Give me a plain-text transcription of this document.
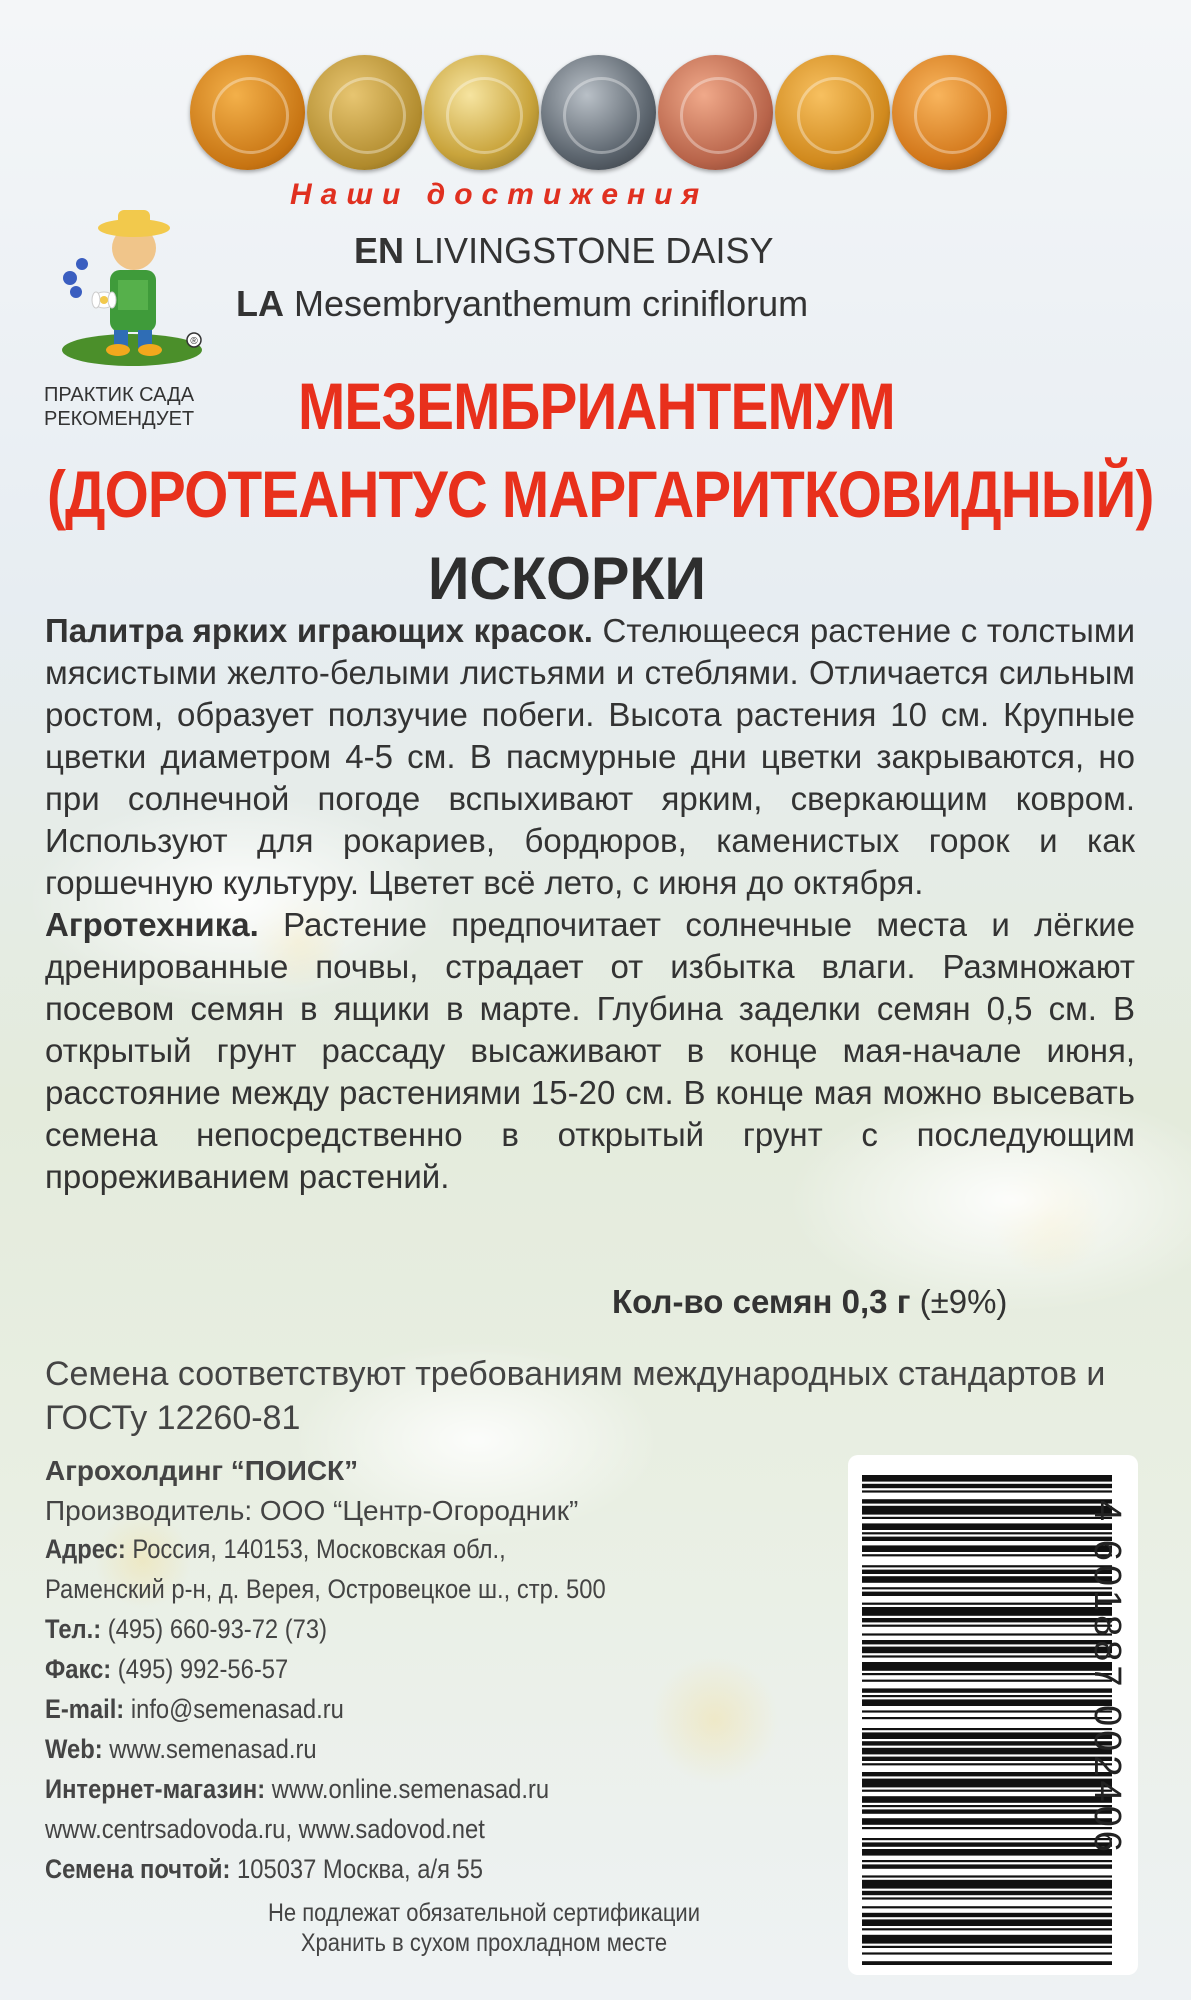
Наши достижения
®
ПРАКТИК САДА
РЕКОМЕНДУЕТ
EN LIVINGSTONE DAISY
LA Mesembryanthemum criniflorum
МЕЗЕМБРИАНТЕМУМ
(ДОРОТЕАНТУС МАРГАРИТКОВИДНЫЙ)
ИСКОРКИ

Палитра ярких играющих красок. Стелющееся растение с толстыми мясистыми желто-белыми листьями и стеблями. Отличается сильным ростом, образует ползучие побеги. Высота растения 10 см. Крупные цветки диаметром 4-5 см. В пасмурные дни цветки закрываются, но при солнечной погоде вспыхивают ярким, сверкающим ковром. Используют для рокариев, бордюров, каменистых горок и как горшечную культуру. Цветет всё лето, с июня до октября.

Агротехника. Растение предпочитает солнечные места и лёгкие дренированные почвы, страдает от избытка влаги. Размножают посевом семян в ящики в марте. Глубина заделки семян 0,5 см. В открытый грунт рассаду высаживают в конце мая-начале июня, расстояние между растениями 15-20 см. В конце мая можно высевать семена непосредственно в открытый грунт с последующим прореживанием растений.

Кол-во семян 0,3 г (±9%)
Семена соответствуют требованиям международных стандартов и ГОСТу 12260-81
Агрохолдинг “ПОИСК”
Производитель: ООО “Центр-Огородник”
Адрес: Россия, 140153, Московская обл.,
Раменский р-н, д. Верея, Островецкое ш., стр. 500
Тел.: (495) 660-93-72 (73)
Факс: (495) 992-56-57
E-mail: info@semenasad.ru
Web: www.semenasad.ru
Интернет-магазин: www.online.semenasad.ru
www.centrsadovoda.ru, www.sadovod.net
Семена почтой: 105037 Москва, а/я 55
Не подлежат обязательной сертификации
Хранить в сухом прохладном месте
4 601887 002406
